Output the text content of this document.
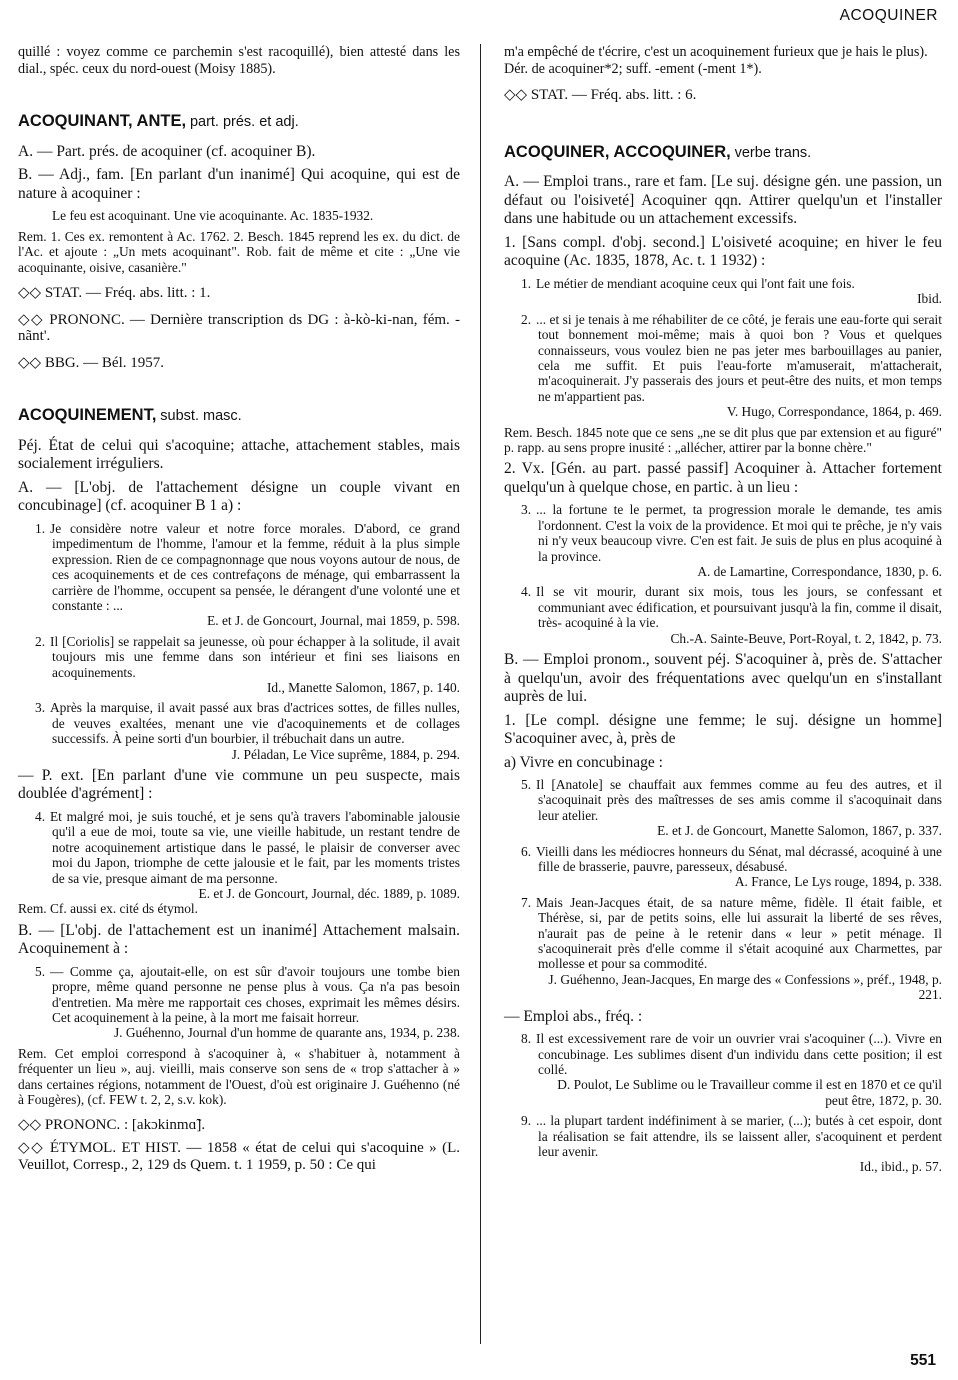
ACOQUINER

quillé : voyez comme ce parchemin s'est racoquillé), bien attesté dans les dial., spéc. ceux du nord-ouest (Moisy 1885).

ACOQUINANT, ANTE, part. prés. et adj.

A. — Part. prés. de acoquiner (cf. acoquiner B).

B. — Adj., fam. [En parlant d'un inanimé] Qui acoquine, qui est de nature à acoquiner :

Le feu est acoquinant. Une vie acoquinante. Ac. 1835-1932.

Rem. 1. Ces ex. remontent à Ac. 1762. 2. Besch. 1845 reprend les ex. du dict. de l'Ac. et ajoute : „Un mets acoquinant". Rob. fait de même et cite : „Une vie acoquinante, oisive, casanière."

◇◇ STAT. — Fréq. abs. litt. : 1.

◇◇ PRONONC. — Dernière transcription ds DG : à-kò-ki-nan, fém. -nãnt'.

◇◇ BBG. — Bél. 1957.

ACOQUINEMENT, subst. masc.

Péj. État de celui qui s'acoquine; attache, attachement stables, mais socialement irréguliers.

A. — [L'obj. de l'attachement désigne un couple vivant en concubinage] (cf. acoquiner B 1 a) :

1. Je considère notre valeur et notre force morales. D'abord, ce grand impedimentum de l'homme, l'amour et la femme, réduit à la plus simple expression. Rien de ce compagnonnage que nous voyons autour de nous, de ces acoquinements et de ces contrefaçons de ménage, qui embarrassent la carrière de l'homme, occupent sa pensée, le dérangent d'une volonté une et constante : ...
E. et J. de Goncourt, Journal, mai 1859, p. 598.

2. Il [Coriolis] se rappelait sa jeunesse, où pour échapper à la solitude, il avait toujours mis une femme dans son intérieur et fini ses liaisons en acoquinements.
Id., Manette Salomon, 1867, p. 140.

3. Après la marquise, il avait passé aux bras d'actrices sottes, de filles nulles, de veuves exaltées, menant une vie d'acoquinements et de collages successifs. À peine sorti d'un bourbier, il trébuchait dans un autre.
J. Péladan, Le Vice suprême, 1884, p. 294.

— P. ext. [En parlant d'une vie commune un peu suspecte, mais doublée d'agrément] :

4. Et malgré moi, je suis touché, et je sens qu'à travers l'abominable jalousie qu'il a eue de moi, toute sa vie, une vieille habitude, un restant tendre de notre acoquinement artistique dans le passé, le plaisir de converser avec moi du Japon, triomphe de cette jalousie et le fait, par les moments tristes de sa vie, presque aimant de ma personne.
E. et J. de Goncourt, Journal, déc. 1889, p. 1089.

Rem. Cf. aussi ex. cité ds étymol.

B. — [L'obj. de l'attachement est un inanimé] Attachement malsain. Acoquinement à :

5. — Comme ça, ajoutait-elle, on est sûr d'avoir toujours une tombe bien propre, même quand personne ne pense plus à vous. Ça n'a pas besoin d'entretien. Ma mère me rapportait ces choses, exprimait les mêmes désirs. Cet acoquinement à la peine, à la mort me faisait horreur.
J. Guéhenno, Journal d'un homme de quarante ans, 1934, p. 238.

Rem. Cet emploi correspond à s'acoquiner à, « s'habituer à, notamment à fréquenter un lieu », auj. vieilli, mais conserve son sens de « trop s'attacher à » dans certaines régions, notamment de l'Ouest, d'où est originaire J. Guéhenno (né à Fougères), (cf. FEW t. 2, 2, s.v. kok).

◇◇ PRONONC. : [akɔkinmɑ̃].

◇◇ ÉTYMOL. ET HIST. — 1858 « état de celui qui s'acoquine » (L. Veuillot, Corresp., 2, 129 ds Quem. t. 1 1959, p. 50 : Ce qui

m'a empêché de t'écrire, c'est un acoquinement furieux que je hais le plus).

Dér. de acoquiner*2; suff. -ement (-ment 1*).

◇◇ STAT. — Fréq. abs. litt. : 6.

ACOQUINER, ACCOQUINER, verbe trans.

A. — Emploi trans., rare et fam. [Le suj. désigne gén. une passion, un défaut ou l'oisiveté] Acoquiner qqn. Attirer quelqu'un et l'installer dans une habitude ou un attachement excessifs.

1. [Sans compl. d'obj. second.] L'oisiveté acoquine; en hiver le feu acoquine (Ac. 1835, 1878, Ac. t. 1 1932) :

1. Le métier de mendiant acoquine ceux qui l'ont fait une fois.
Ibid.

2. ... et si je tenais à me réhabiliter de ce côté, je ferais une eau-forte qui serait tout bonnement moi-même; mais à quoi bon ? Vous et quelques connaisseurs, vous voulez bien ne pas jeter mes barbouillages au panier, cela me suffit. Et puis l'eau-forte m'amuserait, m'attacherait, m'acoquinerait. J'y passerais des jours et peut-être des nuits, et mon temps ne m'appartient pas.
V. Hugo, Correspondance, 1864, p. 469.

Rem. Besch. 1845 note que ce sens „ne se dit plus que par extension et au figuré" p. rapp. au sens propre inusité : „allécher, attirer par la bonne chère."

2. Vx. [Gén. au part. passé passif] Acoquiner à. Attacher fortement quelqu'un à quelque chose, en partic. à un lieu :

3. ... la fortune te le permet, ta progression morale le demande, tes amis l'ordonnent. C'est la voix de la providence. Et moi qui te prêche, je n'y vais ni n'y veux beaucoup vivre. C'en est fait. Je suis de plus en plus acoquiné à la province.
A. de Lamartine, Correspondance, 1830, p. 6.

4. Il se vit mourir, durant six mois, tous les jours, se confessant et communiant avec édification, et poursuivant jusqu'à la fin, comme il disait, très- acoquiné à la vie.
Ch.-A. Sainte-Beuve, Port-Royal, t. 2, 1842, p. 73.

B. — Emploi pronom., souvent péj. S'acoquiner à, près de. S'attacher à quelqu'un, avoir des fréquentations avec quelqu'un en s'installant auprès de lui.

1. [Le compl. désigne une femme; le suj. désigne un homme] S'acoquiner avec, à, près de

a) Vivre en concubinage :

5. Il [Anatole] se chauffait aux femmes comme au feu des autres, et il s'acoquinait près des maîtresses de ses amis comme il s'acoquinait dans leur atelier.
E. et J. de Goncourt, Manette Salomon, 1867, p. 337.

6. Vieilli dans les médiocres honneurs du Sénat, mal décrassé, acoquiné à une fille de brasserie, pauvre, paresseux, désabusé.
A. France, Le Lys rouge, 1894, p. 338.

7. Mais Jean-Jacques était, de sa nature même, fidèle. Il était faible, et Thérèse, si, par de petits soins, elle lui assurait la liberté de ses rêves, n'aurait pas de peine à le retenir dans « leur » petit ménage. Il s'acoquinerait près d'elle comme il s'était acoquiné aux Charmettes, par mollesse et pour sa commodité.
J. Guéhenno, Jean-Jacques, En marge des « Confessions », préf., 1948, p. 221.

— Emploi abs., fréq. :

8. Il est excessivement rare de voir un ouvrier vrai s'acoquiner (...). Vivre en concubinage. Les sublimes disent d'un individu dans cette position; il est collé.
D. Poulot, Le Sublime ou le Travailleur comme il est en 1870 et ce qu'il peut être, 1872, p. 30.

9. ... la plupart tardent indéfiniment à se marier, (...); butés à cet espoir, dont la réalisation se fait attendre, ils se laissent aller, s'acoquinent et perdent leur avenir.
Id., ibid., p. 57.

551
